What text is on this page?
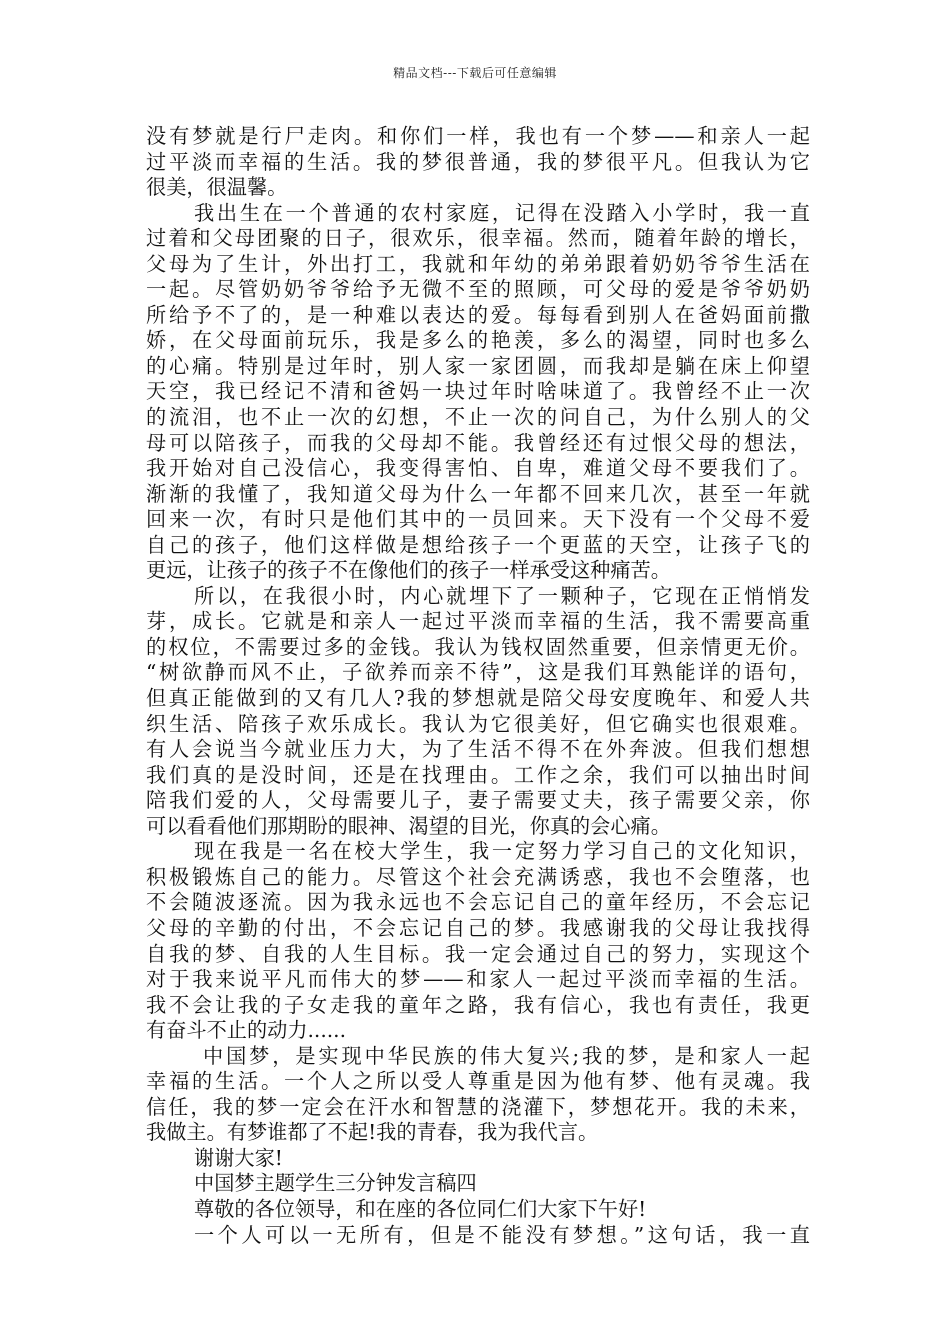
精品文档---下载后可任意编辑
没有梦就是行尸走肉。和你们一样，我也有一个梦——和亲人一起
过平淡而幸福的生活。我的梦很普通，我的梦很平凡。但我认为它
很美，很温馨。
我出生在一个普通的农村家庭，记得在没踏入小学时，我一直
过着和父母团聚的日子，很欢乐，很幸福。然而，随着年龄的增长，
父母为了生计，外出打工，我就和年幼的弟弟跟着奶奶爷爷生活在
一起。尽管奶奶爷爷给予无微不至的照顾，可父母的爱是爷爷奶奶
所给予不了的，是一种难以表达的爱。每每看到别人在爸妈面前撒
娇，在父母面前玩乐，我是多么的艳羡，多么的渴望，同时也多么
的心痛。特别是过年时，别人家一家团圆，而我却是躺在床上仰望
天空，我已经记不清和爸妈一块过年时啥味道了。我曾经不止一次
的流泪，也不止一次的幻想，不止一次的问自己，为什么别人的父
母可以陪孩子，而我的父母却不能。我曾经还有过恨父母的想法，
我开始对自己没信心，我变得害怕、自卑，难道父母不要我们了。
渐渐的我懂了，我知道父母为什么一年都不回来几次，甚至一年就
回来一次，有时只是他们其中的一员回来。天下没有一个父母不爱
自己的孩子，他们这样做是想给孩子一个更蓝的天空，让孩子飞的
更远，让孩子的孩子不在像他们的孩子一样承受这种痛苦。
所以，在我很小时，内心就埋下了一颗种子，它现在正悄悄发
芽，成长。它就是和亲人一起过平淡而幸福的生活，我不需要高重
的权位，不需要过多的金钱。我认为钱权固然重要，但亲情更无价。
“树欲静而风不止，子欲养而亲不待”，这是我们耳熟能详的语句，
但真正能做到的又有几人?我的梦想就是陪父母安度晚年、和爱人共
织生活、陪孩子欢乐成长。我认为它很美好，但它确实也很艰难。
有人会说当今就业压力大，为了生活不得不在外奔波。但我们想想
我们真的是没时间，还是在找理由。工作之余，我们可以抽出时间
陪我们爱的人，父母需要儿子，妻子需要丈夫，孩子需要父亲，你
可以看看他们那期盼的眼神、渴望的目光，你真的会心痛。
现在我是一名在校大学生，我一定努力学习自己的文化知识，
积极锻炼自己的能力。尽管这个社会充满诱惑，我也不会堕落，也
不会随波逐流。因为我永远也不会忘记自己的童年经历，不会忘记
父母的辛勤的付出，不会忘记自己的梦。我感谢我的父母让我找得
自我的梦、自我的人生目标。我一定会通过自己的努力，实现这个
对于我来说平凡而伟大的梦——和家人一起过平淡而幸福的生活。
我不会让我的子女走我的童年之路，我有信心，我也有责任，我更
有奋斗不止的动力......
中国梦，是实现中华民族的伟大复兴;我的梦，是和家人一起
幸福的生活。一个人之所以受人尊重是因为他有梦、他有灵魂。我
信任，我的梦一定会在汗水和智慧的浇灌下，梦想花开。我的未来，
我做主。有梦谁都了不起!我的青春，我为我代言。
谢谢大家!
中国梦主题学生三分钟发言稿四
尊敬的各位领导，和在座的各位同仁们大家下午好!
一个人可以一无所有，但是不能没有梦想。”这句话，我一直
